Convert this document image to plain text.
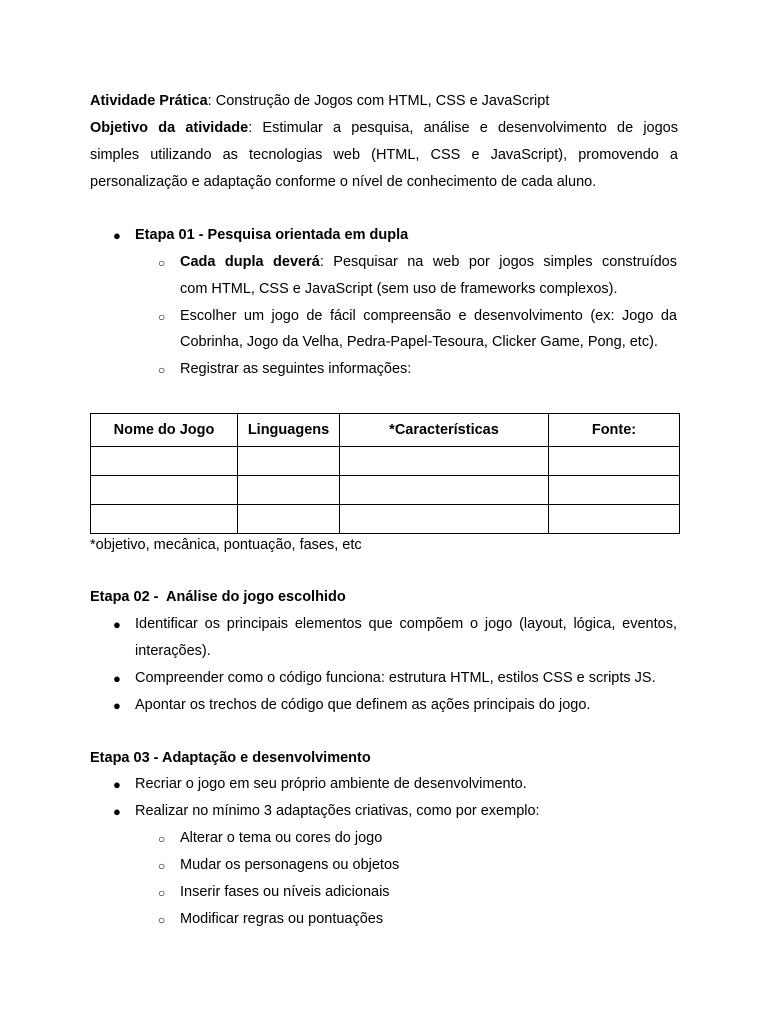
Atividade Prática: Construção de Jogos com HTML, CSS e JavaScript
Objetivo da atividade: Estimular a pesquisa, análise e desenvolvimento de jogos
simples utilizando as tecnologias web (HTML, CSS e JavaScript), promovendo a
personalização e adaptação conforme o nível de conhecimento de cada aluno.
● Etapa 01 - Pesquisa orientada em dupla
○ Cada dupla deverá: Pesquisar na web por jogos simples construídos
com HTML, CSS e JavaScript (sem uso de frameworks complexos).
○ Escolher um jogo de fácil compreensão e desenvolvimento (ex: Jogo da
Cobrinha, Jogo da Velha, Pedra-Papel-Tesoura, Clicker Game, Pong, etc).
○ Registrar as seguintes informações:
Nome do Jogo	Linguagens	*Características	Fonte:

*objetivo, mecânica, pontuação, fases, etc
Etapa 02 -  Análise do jogo escolhido
● Identificar os principais elementos que compõem o jogo (layout, lógica, eventos,
interações).
● Compreender como o código funciona: estrutura HTML, estilos CSS e scripts JS.
● Apontar os trechos de código que definem as ações principais do jogo.
Etapa 03 - Adaptação e desenvolvimento
● Recriar o jogo em seu próprio ambiente de desenvolvimento.
● Realizar no mínimo 3 adaptações criativas, como por exemplo:
○ Alterar o tema ou cores do jogo
○ Mudar os personagens ou objetos
○ Inserir fases ou níveis adicionais
○ Modificar regras ou pontuações
